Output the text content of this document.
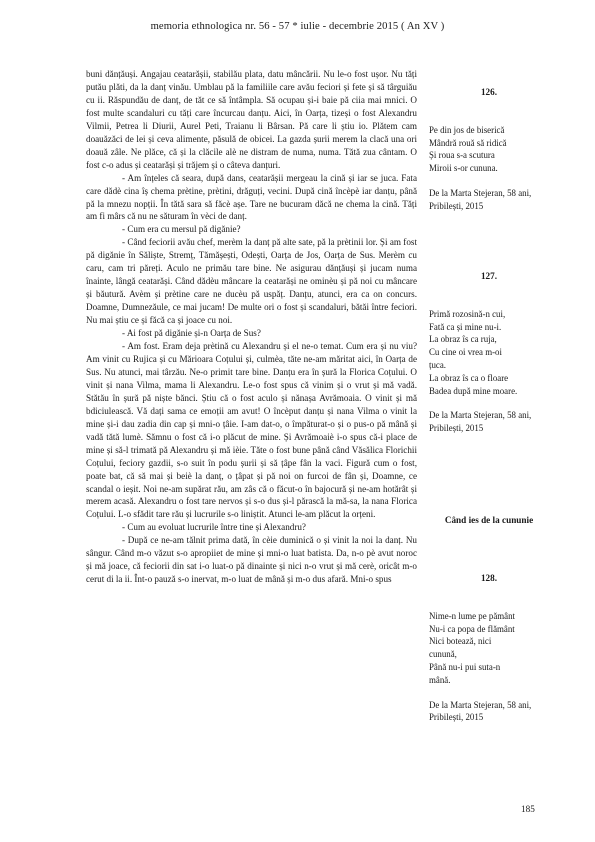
memoria ethnologica nr. 56 - 57 * iulie - decembrie 2015 ( An XV )

buni dănțăuși. Angajau ceatarășii, stabilău plata, datu mâncării. Nu le-o fost ușor. Nu tăți putău plăti, da la danț vinău. Umblau pă la familiile care avău feciori și fete și să târguiău cu ii. Răspundău de danț, de tăt ce să întâmpla. Să ocupau și-i baie pă ciia mai mnici. O fost multe scandaluri cu tăți care încurcau danțu. Aici, în Oarța, tizeși o fost Alexandru Vilmii, Petrea li Diurii, Aurel Peti, Traianu li Bârsan. Pă care li știu io. Plătem cam doauăzăci de lei și ceva alimente, păsulă de obicei. La gazda șurii merem la clacă una ori doauă zâle. Ne plăce, că și la clăcile alè ne distram de numa, numa. Tătă zua cântam. O fost c-o adus și ceatarăși și trăjem și o câteva danțuri.

- Am înțeles că seara, după dans, ceatarășii mergeau la cină și iar se juca. Fata care dădè cina îș chema prètine, prètini, drăguți, vecini. După cină încèpè iar danțu, până pă la mnezu nopții. În tătă sara să făcè așe. Tare ne bucuram dăcă ne chema la cină. Tăți am fi mârs că nu ne săturam în vèci de danț.

- Cum era cu mersul pă digănie?

- Când feciorii avău chef, merèm la danț pă alte sate, pă la prètinii lor. Și am fost pă digănie în Săliște, Stremț, Tămășești, Odești, Oarța de Jos, Oarța de Sus. Merèm cu caru, cam tri păreți. Aculo ne primău tare bine. Ne asigurau dănțăuși și jucam numa înainte, lângă ceatarăși. Când dădèu mâncare la ceatarăși ne ominèu și pă noi cu mâncare și băutură. Avèm și prètine care ne ducèu pă uspăț. Danțu, atunci, era ca on concurs. Doamne, Dumnezăule, ce mai jucam! De multe ori o fost și scandaluri, bătăi între feciori. Nu mai știu ce și făcă ca și joace cu noi.

- Ai fost pă digănie și-n Oarța de Sus?

- Am fost. Eram deja prètină cu Alexandru și el ne-o temat. Cum era și nu viu? Am vinit cu Rujica și cu Mărioara Coțului și, culmèa, tăte ne-am măritat aici, în Oarța de Sus. Nu atunci, mai târzău. Ne-o primit tare bine. Danțu era în șură la Florica Coțului. O vinit și nana Vilma, mama li Alexandru. Le-o fost spus că vinim și o vrut și mă vadă. Stătău în șură pă niște bănci. Știu că o fost aculo și nănașa Avrămoaia. O vinit și mă bdiciulească. Vă dați sama ce emoții am avut! O încèput danțu și nana Vilma o vinit la mine și-i dau zadia din cap și mni-o țâie. I-am dat-o, o împăturat-o și o pus-o pă mână și vadă tătă lumè. Sămnu o fost că i-o plăcut de mine. Și Avrămoaiè i-o spus că-i place de mine și să-l trimată pă Alexandru și mă ièie. Tăte o fost bune până când Văsălica Florichii Coțului, feciorу gazdii, s-o suit în podu șurii și să țâpe fân la vaci. Figură cum o fost, poate bat, că să mai și beiè la danț, o țâpat și pă noi on furcoi de fân și, Doamne, ce scandal o ieșit. Noi ne-am supărat rău, am zâs că o făcut-o în bajocură și ne-am hotărât și merem acasă. Alexandru o fost tare nervos și s-o dus și-l părască la mă-sa, la nana Florica Coțului. L-o sfădit tare rău și lucrurile s-o liniștit. Atunci le-am plăcut la orțeni.

- Cum au evoluat lucrurile între tine și Alexandru?

- După ce ne-am tălnit prima dată, în cèie duminică o și vinit la noi la danț. Nu sângur. Când m-o văzut s-o apropiiet de mine și mni-o luat batista. Da, n-o pè avut noroc și mă joace, că feciorii din sat i-o luat-o pă dinainte și nici n-o vrut și mă cerè, oricât m-o cerut di la ii. Înt-o pauză s-o inervat, m-o luat de mână și m-o dus afară. Mni-o spus

126.
Pe din jos de biserică
Mândră rouă să ridică
Și roua s-a scutura
Miroii s-or cununa.
De la Marta Stejeran, 58 ani, Pribilești, 2015
127.
Primă rozosină-n cui,
Fată ca și mine nu-i.
La obraz îs ca ruja,
Cu cine oi vrea m-oi
țuca.
La obraz îs ca o floare
Badea după mine moare.
De la Marta Stejeran, 58 ani, Pribilești, 2015
Când ies de la cununie
128.
Nime-n lume pe pământ
Nu-i ca popa de flământ
Nici botează, nici
cunună,
Până nu-i pui suta-n
mână.
De la Marta Stejeran, 58 ani, Pribilești, 2015
185
